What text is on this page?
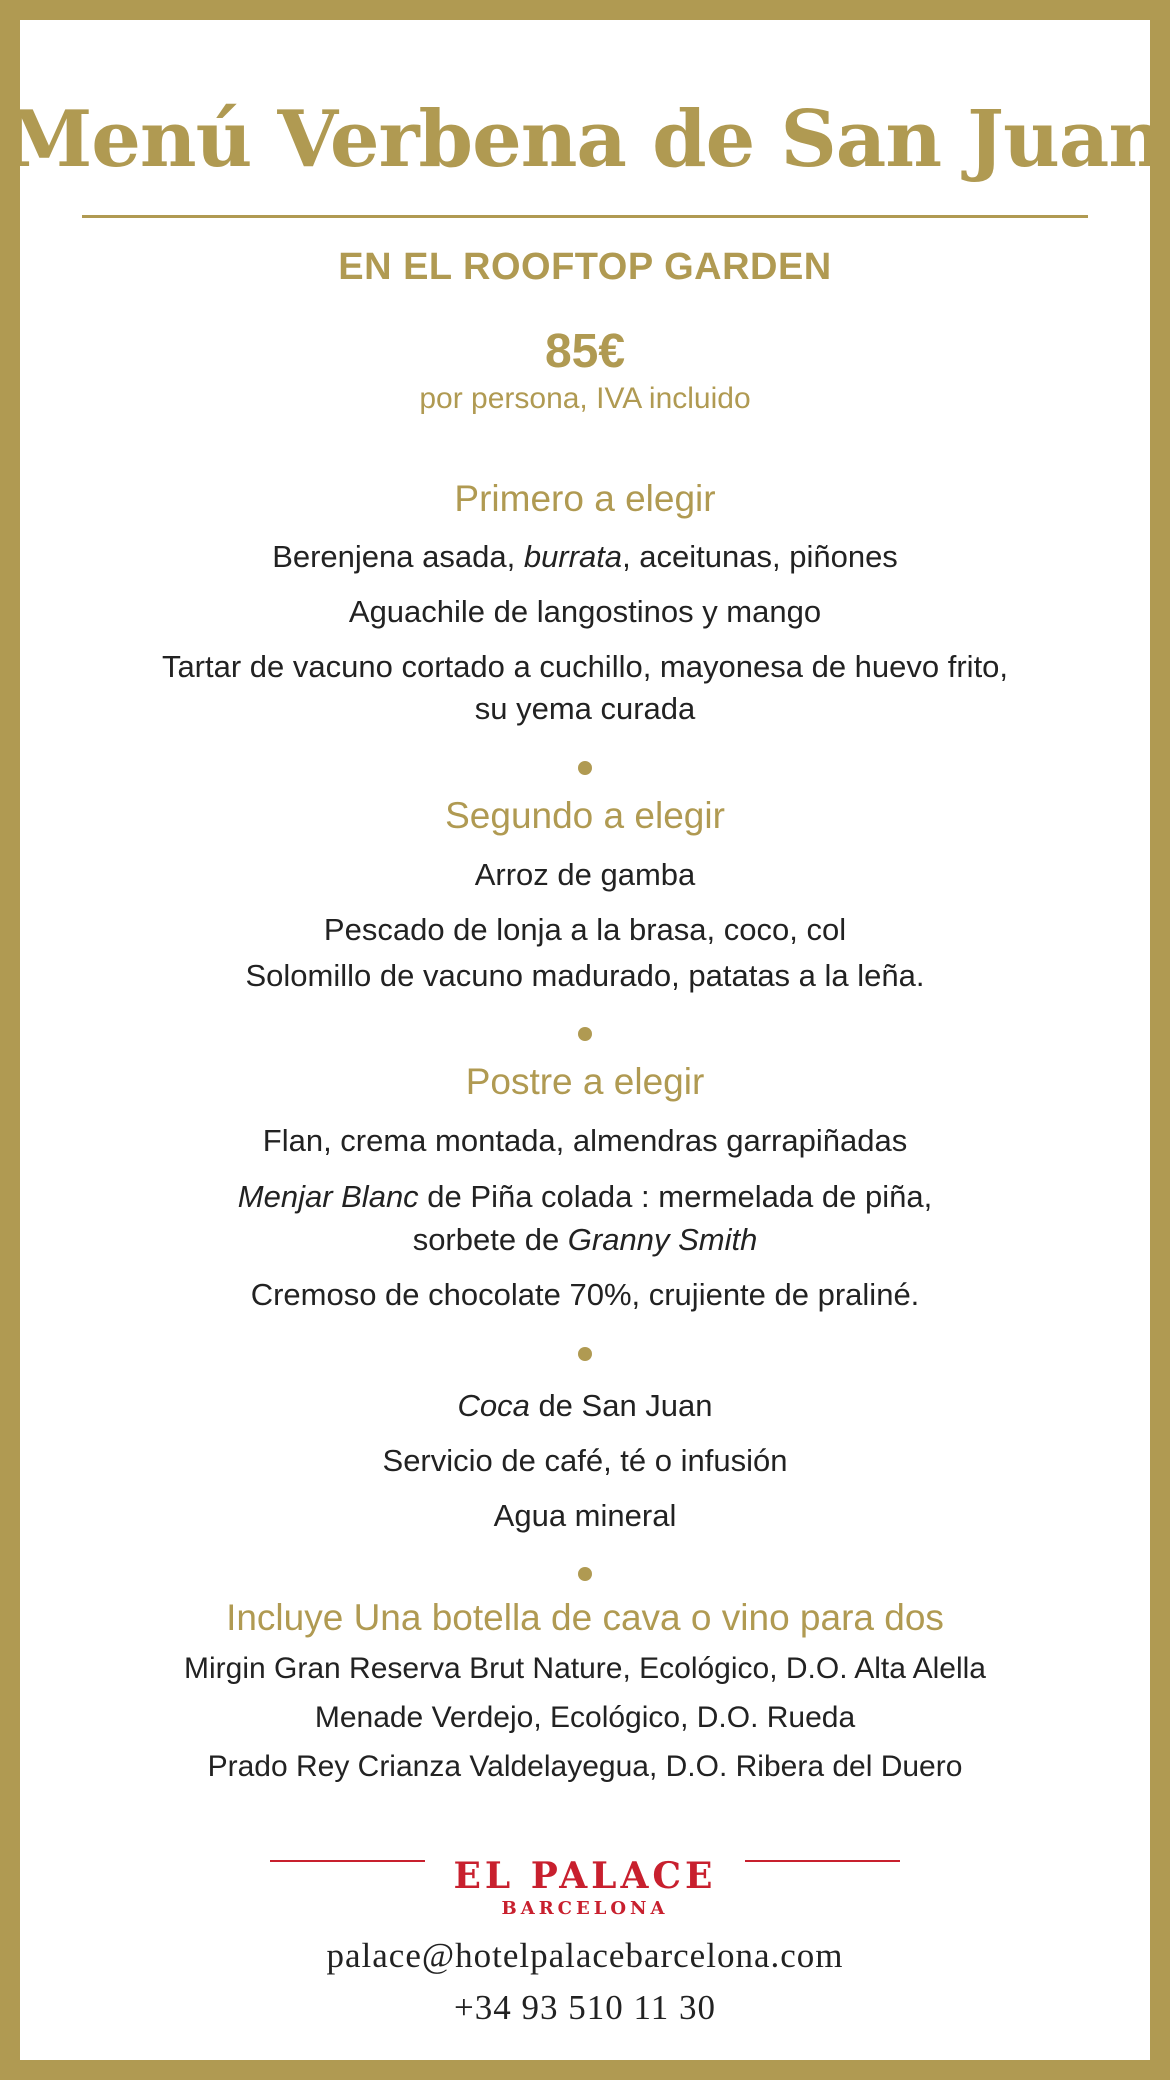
Menú Verbena de San Juan
EN EL ROOFTOP GARDEN
85€
por persona, IVA incluido
Primero a elegir
Berenjena asada, burrata, aceitunas, piñones
Aguachile de langostinos y mango
Tartar de vacuno cortado a cuchillo, mayonesa de huevo frito,
su yema curada
Segundo a elegir
Arroz de gamba
Pescado de lonja a la brasa, coco, col
Solomillo de vacuno madurado, patatas a la leña.
Postre a elegir
Flan, crema montada, almendras garrapiñadas
Menjar Blanc de Piña colada : mermelada de piña,
sorbete de Granny Smith
Cremoso de chocolate 70%, crujiente de praliné.
Coca de San Juan
Servicio de café, té o infusión
Agua mineral
Incluye Una botella de cava o vino para dos
Mirgin Gran Reserva Brut Nature, Ecológico, D.O. Alta Alella
Menade Verdejo, Ecológico, D.O. Rueda
Prado Rey Crianza Valdelayegua, D.O. Ribera del Duero
EL PALACE
BARCELONA
palace@hotelpalacebarcelona.com
+34 93 510 11 30
